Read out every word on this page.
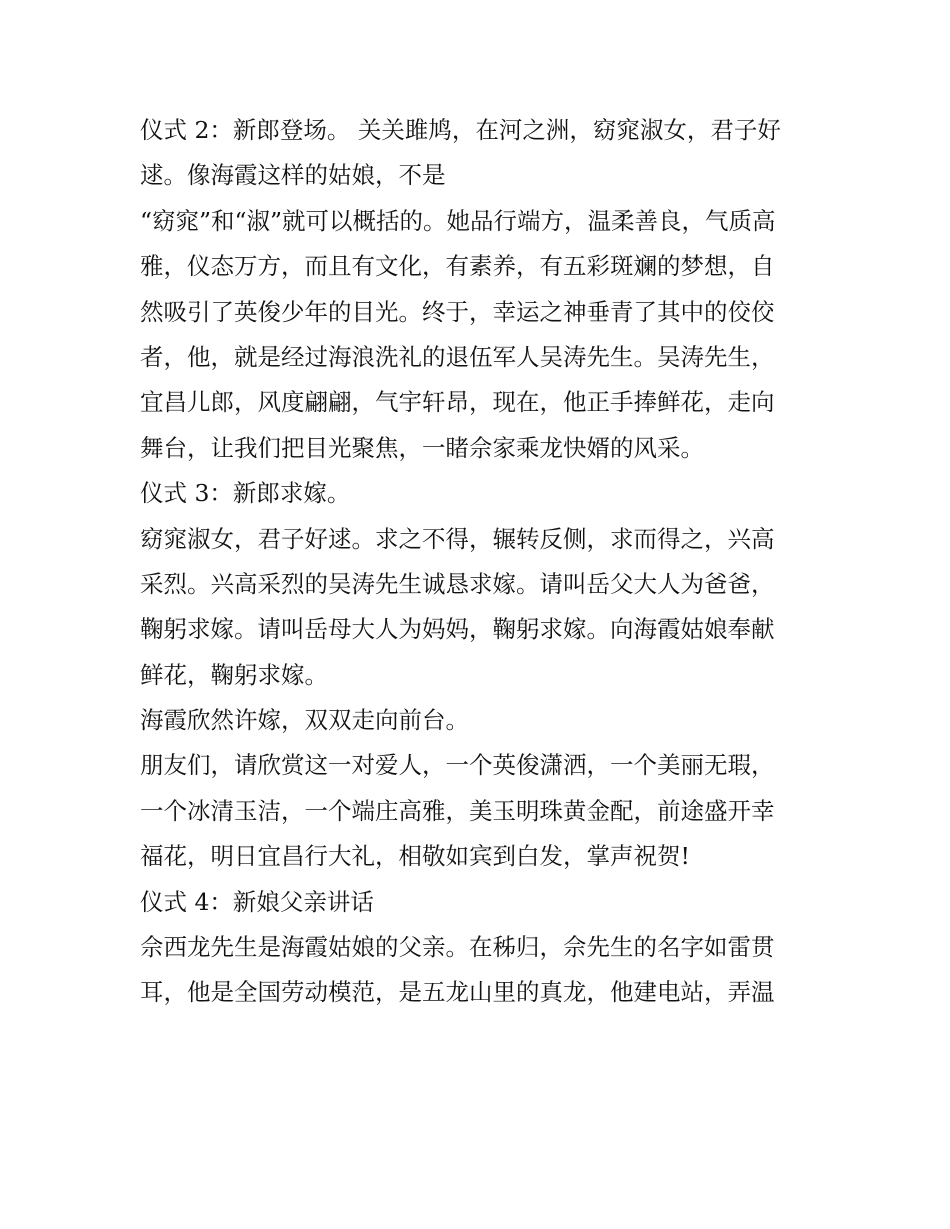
仪式 2：新郎登场。 关关雎鸠，在河之洲，窈窕淑女，君子好
逑。像海霞这样的姑娘，不是
“窈窕”和“淑”就可以概括的。她品行端方，温柔善良，气质高
雅，仪态万方，而且有文化，有素养，有五彩斑斓的梦想，自
然吸引了英俊少年的目光。终于，幸运之神垂青了其中的佼佼
者，他，就是经过海浪洗礼的退伍军人吴涛先生。吴涛先生，
宜昌儿郎，风度翩翩，气宇轩昂，现在，他正手捧鲜花，走向
舞台，让我们把目光聚焦，一睹佘家乘龙快婿的风采。
仪式 3：新郎求嫁。
窈窕淑女，君子好逑。求之不得，辗转反侧，求而得之，兴高
采烈。兴高采烈的吴涛先生诚恳求嫁。请叫岳父大人为爸爸，
鞠躬求嫁。请叫岳母大人为妈妈，鞠躬求嫁。向海霞姑娘奉献
鲜花，鞠躬求嫁。
海霞欣然许嫁，双双走向前台。
朋友们，请欣赏这一对爱人，一个英俊潇洒，一个美丽无瑕，
一个冰清玉洁，一个端庄高雅，美玉明珠黄金配，前途盛开幸
福花，明日宜昌行大礼，相敬如宾到白发，掌声祝贺!
仪式 4：新娘父亲讲话
佘西龙先生是海霞姑娘的父亲。在秭归，佘先生的名字如雷贯
耳，他是全国劳动模范，是五龙山里的真龙，他建电站，弄温
